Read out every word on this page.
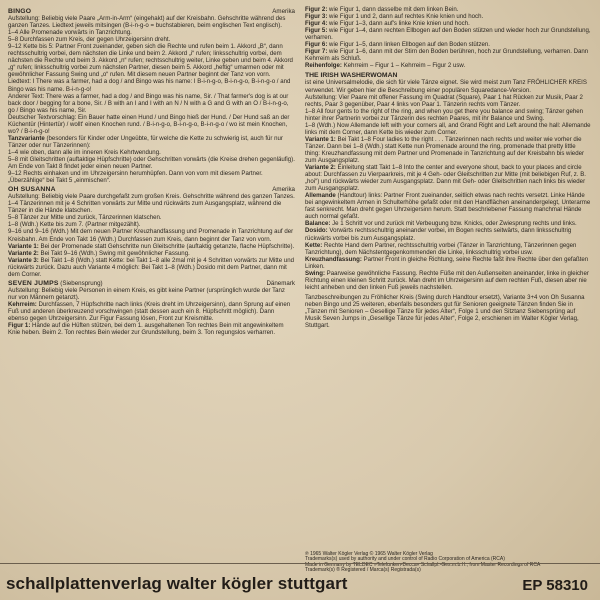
BINGO	Amerika

Aufstellung: Beliebig viele Paare „Arm-in-Arm“ (eingehakt) auf der Kreisbahn. Gehschritte während des ganzen Tanzes. Liedtext jeweils mitsingen (B-i-n-g-o = buchstabieren, beim englischen Text englisch).

1–4 Alle Promenade vorwärts in Tanzrichtung.

5–8 Durchfassen zum Kreis, der gegen Uhrzeigersinn dreht.

9–12 Kette bis 5: Partner Front zueinander, geben sich die Rechte und rufen beim 1. Akkord „B“, dann rechtsschultrig vorbei, dem nächsten die Linke und beim 2. Akkord „i“ rufen; linksschultrig vorbei, dem nächsten die Rechte und beim 3. Akkord „n“ rufen; rechtsschultrig weiter, Linke geben und beim 4. Akkord „g“ rufen; linksschultrig vorbei zum nächsten Partner, diesen beim 5. Akkord „heftig“ umarmen oder mit gewöhnlicher Fassung Swing und „o“ rufen. Mit diesem neuen Partner beginnt der Tanz von vorn.

Liedtext: I There was a farmer, had a dog / and Bingo was his name: I B-i-n-g-o, B-i-n-g-o, B-i-n-g-o / and Bingo was his name. B-i-n-g-o!

Anderer Text: There was a farmer, had a dog / and Bingo was his name, Sir. / That farmer's dog is at our back door / begging for a bone, Sir. / B with an I and I with an N / N with a G and G with an O / B-i-n-g-o, go / Bingo was his name, Sir.

Deutscher Textvorschlag: Ein Bauer hatte einen Hund / und Bingo hieß der Hund. / Der Hund saß an der Küchentür (Hintertür) / wollt' einen Knochen rund. / B-i-n-g-o, B-i-n-g-o, B-i-n-g-o / wo ist mein Knochen, wo? / B-i-n-g-o!

Tanzvariante (besonders für Kinder oder Ungeübte, für welche die Kette zu schwierig ist, auch für nur Tänzer oder nur Tänzerinnen):

1–4 wie oben, dann alle im inneren Kreis Kehrtwendung.

5–8 mit Gleitschritten (auftaktige Hüpfschritte) oder Gehschritten vorwärts (die Kreise drehen gegenläufig). Am Ende von Takt 8 findet jeder einen neuen Partner.

9–12 Rechts einhaken und im Uhrzeigersinn herumhüpfen. Dann von vorn mit diesem Partner. „Überzählige“ bei Takt 5 „einmischen“.

OH SUSANNA	Amerika

Aufstellung: Beliebig viele Paare durchgefaßt zum großen Kreis. Gehschritte während des ganzen Tanzes.

1–4 Tänzerinnen mit je 4 Schritten vorwärts zur Mitte und rückwärts zum Ausgangsplatz, während die Tänzer in die Hände klatschen.

5–8 Tänzer zur Mitte und zurück, Tänzerinnen klatschen.

1–8 (Wdh.) Kette bis zum 7. (Partner mitgezählt).

9–16 und 9–16 (Wdh.) Mit dem neuen Partner Kreuzhandfassung und Promenade in Tanzrichtung auf der Kreisbahn. Am Ende von Takt 16 (Wdh.) Durchfassen zum Kreis, dann beginnt der Tanz von vorn.

Variante 1: Bei der Promenade statt Gehschritte nun Gleitschritte (auftaktig getanzte, flache Hüpfschritte).

Variante 2: Bei Takt 9–16 (Wdh.) Swing mit gewöhnlicher Fassung.

Variante 3: Bei Takt 1–8 (Wdh.) statt Kette: bei Takt 1–8 alle 2mal mit je 4 Schritten vorwärts zur Mitte und rückwärts zurück. Dazu auch Variante 4 möglich: Bei Takt 1–8 (Wdh.) Dosido mit dem Partner, dann mit dem Corner.

SEVEN JUMPS (Siebensprung)	Dänemark

Aufstellung: Beliebig viele Personen in einem Kreis, es gibt keine Partner (ursprünglich wurde der Tanz nur von Männern getanzt).

Kehrreim: Durchfassen, 7 Hüpfschritte nach links (Kreis dreht im Uhrzeigersinn), dann Sprung auf einen Fuß und anderen überkreuzend vorschwingen (statt dessen auch ein 8. Hüpfschritt möglich). Dann ebenso gegen Uhrzeigersinn. Zur Figur Fassung lösen, Front zur Kreismitte.

Figur 1: Hände auf die Hüften stützen, bei dem 1. ausgehaltenen Ton rechtes Bein mit angewinkeltem Knie heben. Beim 2. Ton rechtes Bein wieder zur Grundstellung, beim 3. Ton regungslos verharren.

Figur 2: wie Figur 1, dann dasselbe mit dem linken Bein.

Figur 3: wie Figur 1 und 2, dann auf rechtes Knie knien und hoch.

Figur 4: wie Figur 1–3, dann auf's linke Knie knien und hoch.

Figur 5: wie Figur 1–4, dann rechten Ellbogen auf den Boden stützen und wieder hoch zur Grundstellung, verharren.

Figur 6: wie Figur 1–5, dann linken Ellbogen auf den Boden stützen.

Figur 7: wie Figur 1–6, dann mit der Stirn den Boden berühren, hoch zur Grundstellung, verharren. Dann Kehrreim als Schluß.

Reihenfolge: Kehrreim – Figur 1 – Kehrreim – Figur 2 usw.

THE IRISH WASHERWOMAN

ist eine Universalmelodie, die sich für viele Tänze eignet. Sie wird meist zum Tanz FRÖHLICHER KREIS verwendet. Wir geben hier die Beschreibung einer populären Squaredance-Version.

Aufstellung: Vier Paare mit offener Fassung im Quadrat (Square), Paar 1 hat Rücken zur Musik, Paar 2 rechts, Paar 3 gegenüber, Paar 4 links von Paar 1. Tänzerin rechts vom Tänzer.

1–8 All four gents to the right of the ring, and when you get there you balance and swing; Tänzer gehen hinter ihrer Partnerin vorbei zur Tänzerin des rechten Paares, mit ihr Balance und Swing.

1–8 (Wdh.) Now Allemande left with your corners all, and Grand Right and Left around the hall: Allemande links mit dem Corner, dann Kette bis wieder zum Corner.

Variante 1: Bei Takt 1–8 Four ladies to the right . . . Tänzerinnen nach rechts und weiter wie vorher die Tänzer. Dann bei 1–8 (Wdh.) statt Kette nun Promenade around the ring, promenade that pretty little thing: Kreuzhandfassung mit dem Partner und Promenade in Tanzrichtung auf der Kreisbahn bis wieder zum Ausgangsplatz.

Variante 2: Einleitung statt Takt 1–8 Into the center and everyone shout, back to your places and circle about: Durchfassen zu Vierpaarkreis, mit je 4 Geh- oder Gleitschritten zur Mitte (mit beliebigen Ruf, z. B. „hoi“) und rückwärts wieder zum Ausgangsplatz. Dann mit Geh- oder Gleitschritten nach links bis wieder zum Ausgangsplatz.

Allemande (Handtour) links: Partner Front zueinander, seitlich etwas nach rechts versetzt. Linke Hände bei angewinkeltem Armen in Schulterhöhe gefaßt oder mit den Handflächen aneinandergelegt, Unterarme fast senkrecht. Man dreht gegen Uhrzeigersinn herum. Statt beschriebener Fassung manchmal Hände auch normal gefaßt.

Balance: Je 1 Schritt vor und zurück mit Verbeugung bzw. Knicks, oder Zwiesprung rechts und links.

Dosido: Vorwärts rechtsschultrig aneinander vorbei, im Bogen rechts seitwärts, dann linksschultrig rückwärts vorbei bis zum Ausgangsplatz.

Kette: Rechte Hand dem Partner, rechtsschultrig vorbei (Tänzer in Tanzrichtung, Tänzerinnen gegen Tanzrichtung), dem Nächstentgegenkommenden die Linke, linksschultrig vorbei usw.

Kreuzhandfassung: Partner Front in gleiche Richtung, seine Rechte faßt ihre Rechte über den gefaßten Linken.

Swing: Paarweise gewöhnliche Fassung. Rechte Füße mit den Außenseiten aneinander, linke in gleicher Richtung einen kleinen Schritt zurück. Man dreht im Uhrzeigersinn auf dem rechten Fuß, diesen aber nie leicht anheben und den linken Fuß jeweils nachstellen.

Tanzbeschreibungen zu Fröhlicher Kreis (Swing durch Handtour ersetzt), Variante 3+4 von Oh Susanna neben Bingo und 25 weiteren, ebenfalls besonders gut für Senioren geeignete Tänzen finden Sie in „Tänzen mit Senioren – Gesellige Tänze für jedes Alter“, Folge 1 und den Sitztanz Siebensprüng auf Musik Seven Jumps in „Gesellige Tänze für jedes Alter“, Folge 2, erschienen im Walter Kögler Verlag, Stuttgart.

℗ 1965 Walter Kögler Verlag © 1965 Walter Kögler Verlag

Trademarks(s) used by authority and under control of Radio Corporation of America (RCA)

Made in Germany by TELDEC »Telefunken-Decca« Schallpl.-Ges.m.b.H., from Master Recordings of RCA

Trademark(s) ® Registered / Marca(s) Registrada(s)

schallplattenverlag walter kögler stuttgart	EP 58310
